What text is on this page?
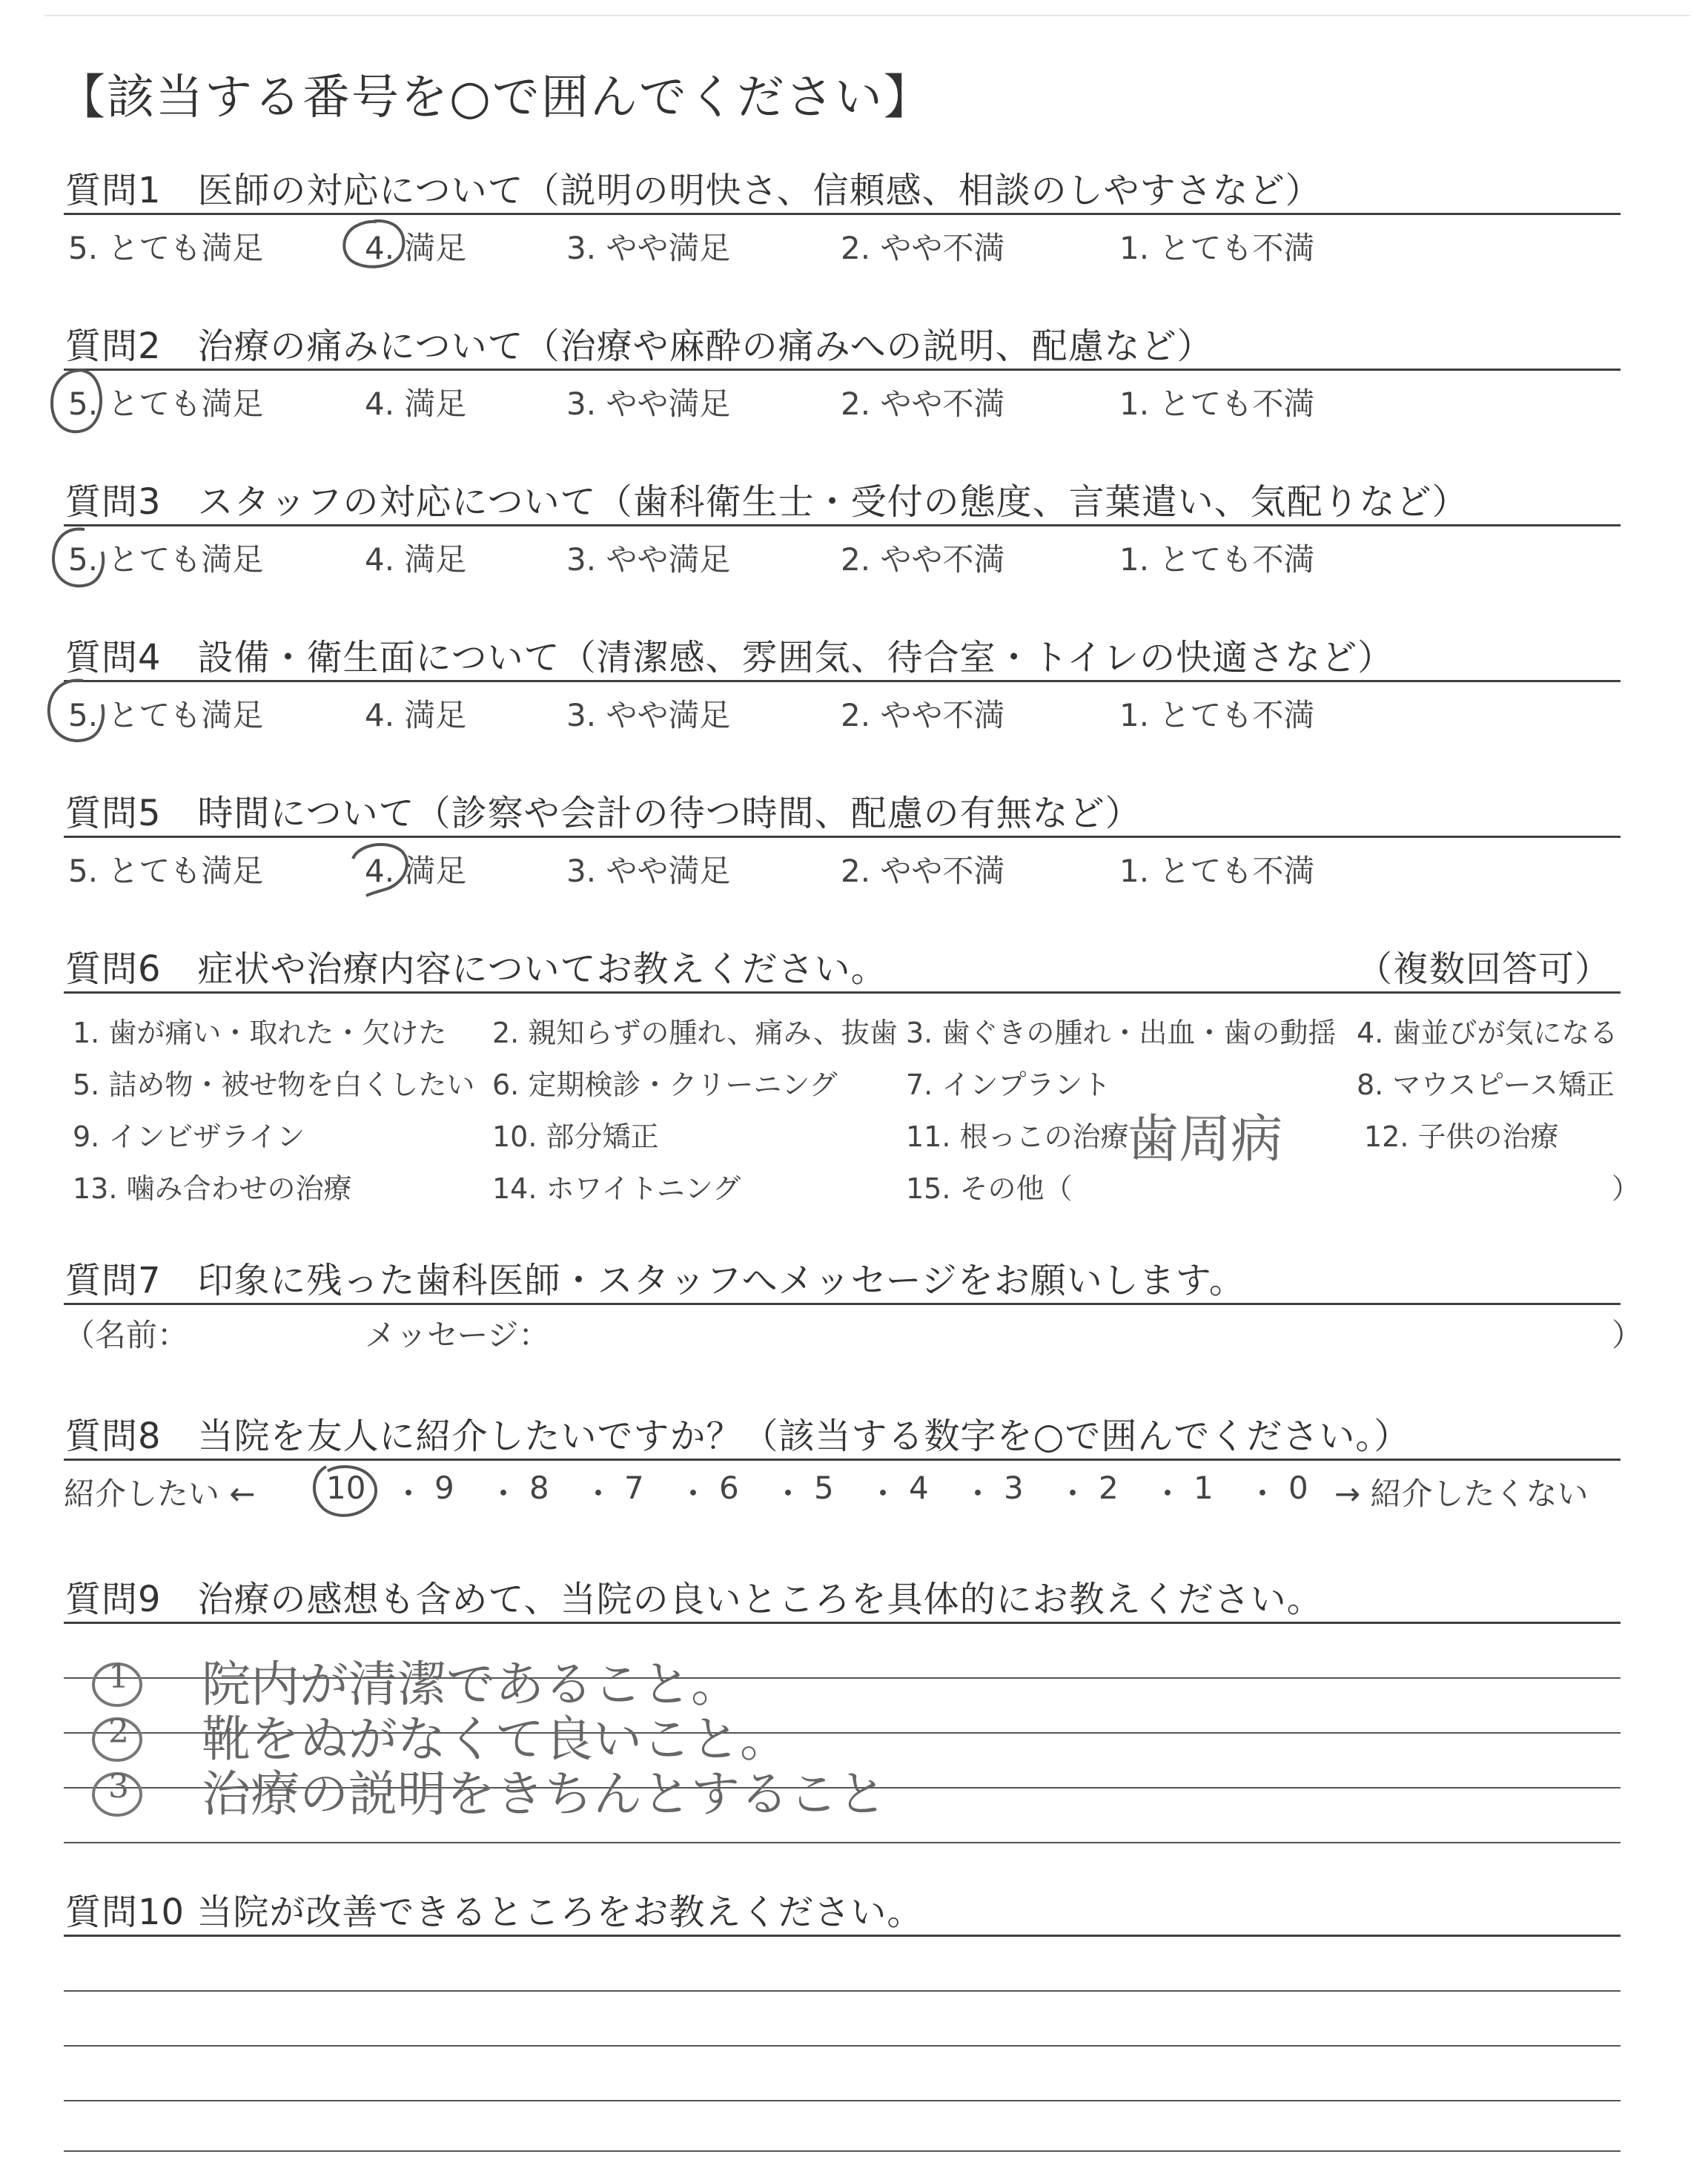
【該当する番号を○で囲んでください】
質問1　医師の対応について（説明の明快さ、信頼感、相談のしやすさなど）
5. とても満足	4. 満足	3. やや満足	2. やや不満	1. とても不満
質問2　治療の痛みについて（治療や麻酔の痛みへの説明、配慮など）
5. とても満足	4. 満足	3. やや満足	2. やや不満	1. とても不満
質問3　スタッフの対応について（歯科衛生士・受付の態度、言葉遣い、気配りなど）
5. とても満足	4. 満足	3. やや満足	2. やや不満	1. とても不満
質問4　設備・衛生面について（清潔感、雰囲気、待合室・トイレの快適さなど）
5. とても満足	4. 満足	3. やや満足	2. やや不満	1. とても不満
質問5　時間について（診察や会計の待つ時間、配慮の有無など）
5. とても満足	4. 満足	3. やや満足	2. やや不満	1. とても不満
質問6　症状や治療内容についてお教えください。	（複数回答可）
1. 歯が痛い・取れた・欠けた 2. 親知らずの腫れ、痛み、抜歯 3. 歯ぐきの腫れ・出血・歯の動揺 4. 歯並びが気になる
5. 詰め物・被せ物を白くしたい 6. 定期検診・クリーニング 7. インプラント	8. マウスピース矯正
9. インビザライン	10. 部分矯正	11. 根っこの治療	12. 子供の治療
13. 噛み合わせの治療	14. ホワイトニング	15. その他（	）
歯周病
質問7　印象に残った歯科医師・スタッフへメッセージをお願いします。
（名前：	メッセージ：	）
質問8　当院を友人に紹介したいですか？（該当する数字を○で囲んでください。）
紹介したい ← 10 ・ 9 ・ 8 ・ 7 ・ 6 ・ 5 ・ 4 ・ 3 ・ 2 ・ 1 ・ 0 → 紹介したくない
質問9　治療の感想も含めて、当院の良いところを具体的にお教えください。
1 院内が清潔であること。
2 靴をぬがなくて良いこと。
3 治療の説明をきちんとすること
質問10 当院が改善できるところをお教えください。
